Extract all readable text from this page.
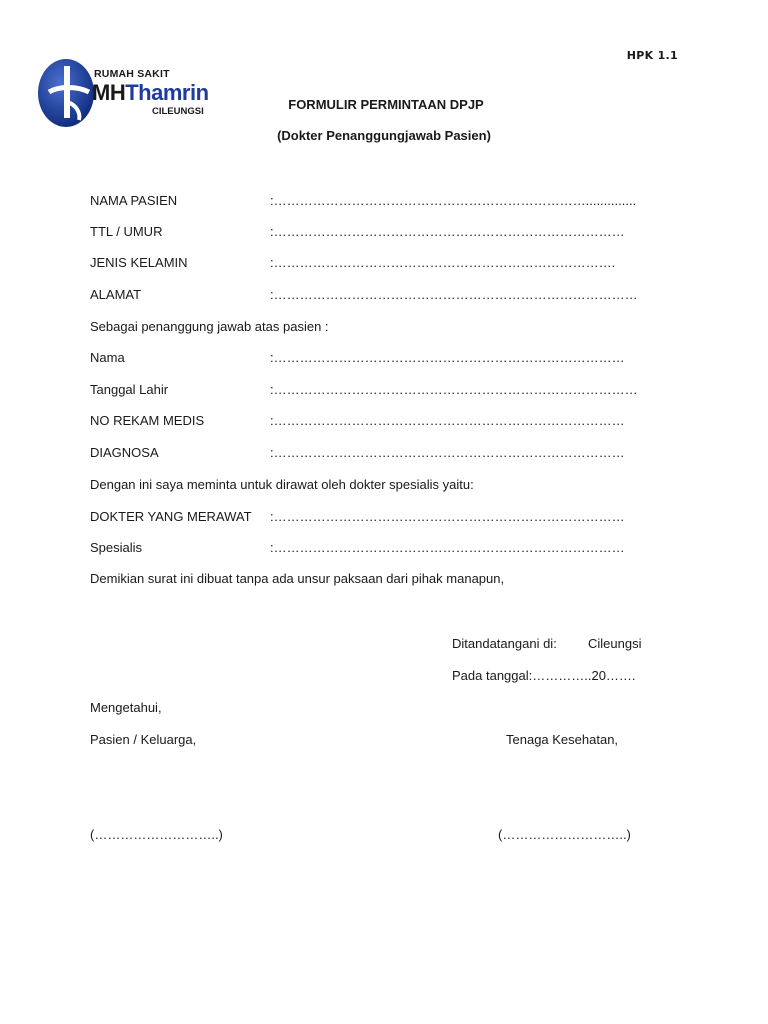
HPK 1.1
RUMAH SAKIT
MHThamrin
CILEUNGSI	FORMULIR PERMINTAAN DPJP
(Dokter Penanggungjawab Pasien)
NAMA PASIEN	:………………………………………………………………..............
TTL / UMUR	:………………………………………………………………………
JENIS KELAMIN	:…………………………………………………………………….
ALAMAT	:…………………………………………………………………………
Sebagai penanggung jawab atas pasien :
Nama	:………………………………………………………………………
Tanggal Lahir	:…………………………………………………………………………
NO REKAM MEDIS	:………………………………………………………………………
DIAGNOSA	:………………………………………………………………………
Dengan ini saya meminta untuk dirawat oleh dokter spesialis yaitu:
DOKTER YANG MERAWAT :………………………………………………………………………
Spesialis	:………………………………………………………………………
Demikian surat ini dibuat tanpa ada unsur paksaan dari pihak manapun,
Ditandatangani di: Cileungsi
Pada tanggal:…………..20…….
Mengetahui,
Pasien / Keluarga,	Tenaga Kesehatan,
(………………………..)	(………………………..)
